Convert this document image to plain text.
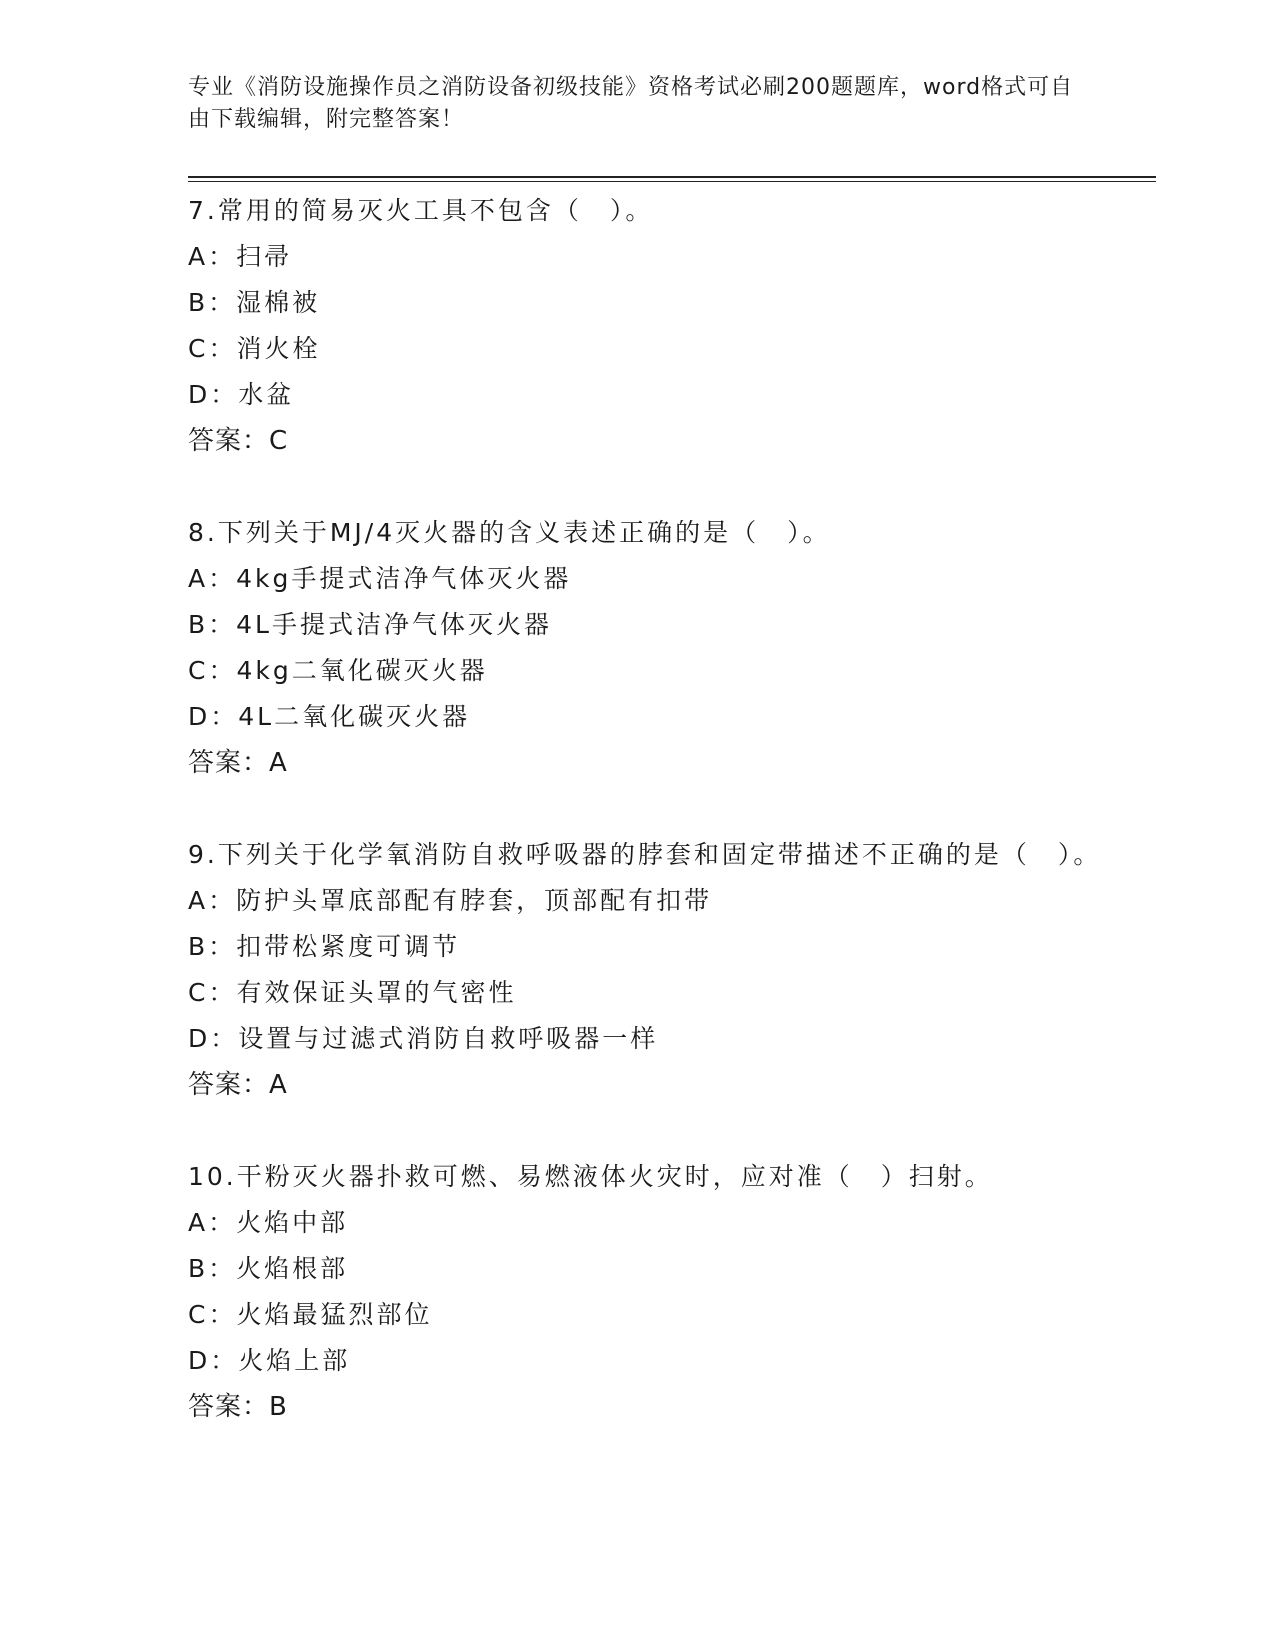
专业《消防设施操作员之消防设备初级技能》资格考试必刷200题题库，word格式可自由下载编辑，附完整答案！
7.常用的简易灭火工具不包含（　）。
A：扫帚
B：湿棉被
C：消火栓
D：水盆
答案：C
8.下列关于MJ/4灭火器的含义表述正确的是（　）。
A：4kg手提式洁净气体灭火器
B：4L手提式洁净气体灭火器
C：4kg二氧化碳灭火器
D：4L二氧化碳灭火器
答案：A
9.下列关于化学氧消防自救呼吸器的脖套和固定带描述不正确的是（　）。
A：防护头罩底部配有脖套，顶部配有扣带
B：扣带松紧度可调节
C：有效保证头罩的气密性
D：设置与过滤式消防自救呼吸器一样
答案：A
10.干粉灭火器扑救可燃、易燃液体火灾时，应对准（　）扫射。
A：火焰中部
B：火焰根部
C：火焰最猛烈部位
D：火焰上部
答案：B
